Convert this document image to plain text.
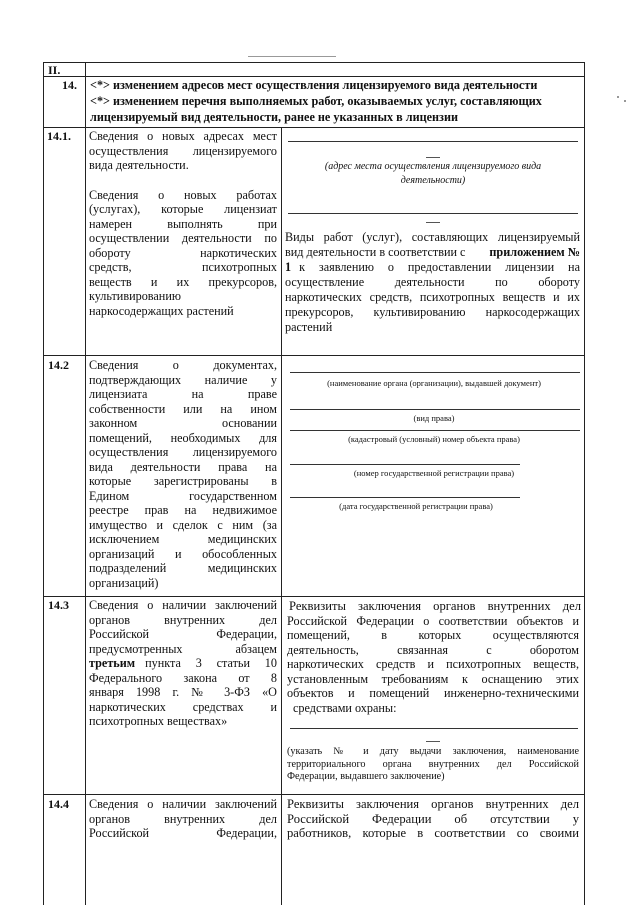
II.
14. <*> изменением адресов мест осуществления лицензируемого вида деятельности
<*> изменением перечня выполняемых работ, оказываемых услуг, составляющих
лицензируемый вид деятельности, ранее не указанных в лицензии
14.1. Сведения о новых адресах мест
осуществления лицензируемого
вида деятельности.
Сведения о новых работах
(услугах), которые лицензиат
намерен выполнять при
осуществлении деятельности по
обороту наркотических
средств, психотропных
веществ и их прекурсоров,
культивированию
наркосодержащих растений
(адрес места осуществления лицензируемого вида
деятельности)
Виды работ (услуг), составляющих лицензируемый
вид деятельности в соответствии с приложением №
1 к заявлению о предоставлении лицензии на
осуществление деятельности по обороту
наркотических средств, психотропных веществ и их
прекурсоров, культивированию наркосодержащих
растений
14.2 Сведения о документах,
подтверждающих наличие у
лицензиата на праве
собственности или на ином
законном основании
помещений, необходимых для
осуществления лицензируемого
вида деятельности права на
которые зарегистрированы в
Едином государственном
реестре прав на недвижимое
имущество и сделок с ним (за
исключением медицинских
организаций и обособленных
подразделений медицинских
организаций)
(наименование органа (организации), выдавшей документ)
(вид права)
(кадастровый (условный) номер объекта права)
(номер государственной регистрации права)
(дата государственной регистрации права)
14.3 Сведения о наличии заключений
органов внутренних дел
Российской Федерации,
предусмотренных абзацем
третьим пункта 3 статьи 10
Федерального закона от 8
января 1998 г. № 3-ФЗ «О
наркотических средствах и
психотропных веществах»
Реквизиты заключения органов внутренних дел
Российской Федерации о соответствии объектов и
помещений, в которых осуществляются
деятельность, связанная с оборотом
наркотических средств и психотропных веществ,
установленным требованиям к оснащению этих
объектов и помещений инженерно-техническими
средствами охраны:
(указать № и дату выдачи заключения, наименование
территориального органа внутренних дел Российской
Федерации, выдавшего заключение)
14.4 Сведения о наличии заключений
органов внутренних дел
Российской Федерации,
Реквизиты заключения органов внутренних дел
Российской Федерации об отсутствии у
работников, которые в соответствии со своими
